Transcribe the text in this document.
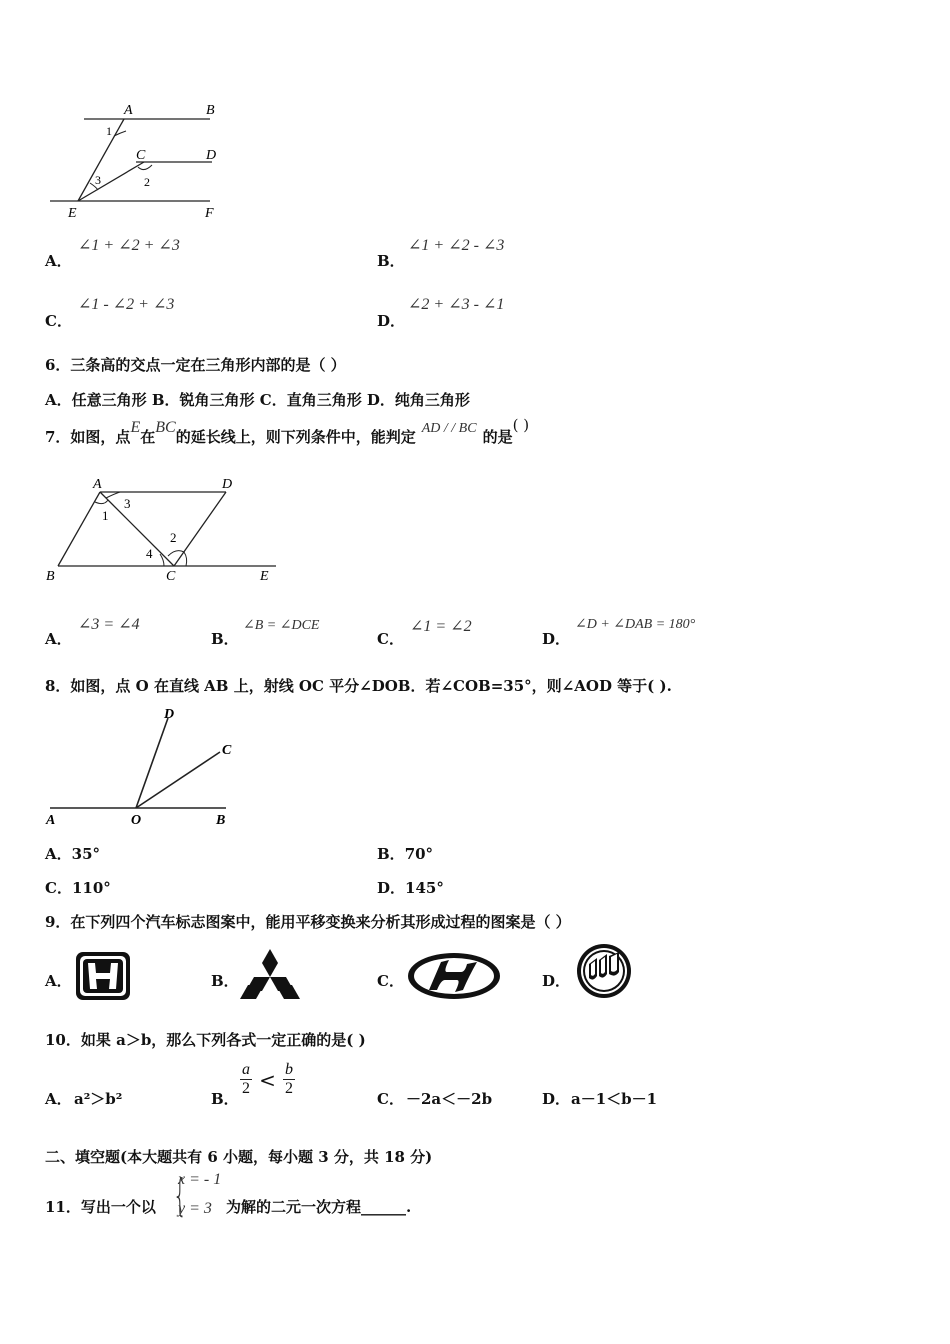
A	B
C	D
E	F
1
2
3
A．
∠1 + ∠2 + ∠3
B．
∠1 + ∠2 - ∠3
C．
∠1 - ∠2 + ∠3
D．
∠2 + ∠3 - ∠1
6．三条高的交点一定在三角形内部的是（ ）
A．任意三角形 B．锐角三角形 C．直角三角形 D．纯角三角形
7．如图，点E在BC的延长线上，则下列条件中，能判定 AD / / BC 的是( )
A	D
B	C	E
1
2
3
4
A．
∠3 = ∠4
B．
∠B = ∠DCE
C．
∠1 = ∠2
D．
∠D + ∠DAB = 180°
8．如图，点 O 在直线 AB 上，射线 OC 平分∠DOB．若∠COB=35°，则∠AOD 等于( ).
D
C
A	O	B
A．35°	B．70°
C．110°	D．145°
9．在下列四个汽车标志图案中，能用平移变换来分析其形成过程的图案是（ ）
A．	B．	C．	D．
10．如果 a＞b，那么下列各式一定正确的是( )
A． a²＞b²	B．
$\frac{a}{2} < \frac{b}{2}$
C． －2a＜－2b	D． a－1＜b－1
二、填空题(本大题共有 6 小题，每小题 3 分，共 18 分)
11．写出一个以 {
x = - 1
y = 3 为解的二元一次方程______.
